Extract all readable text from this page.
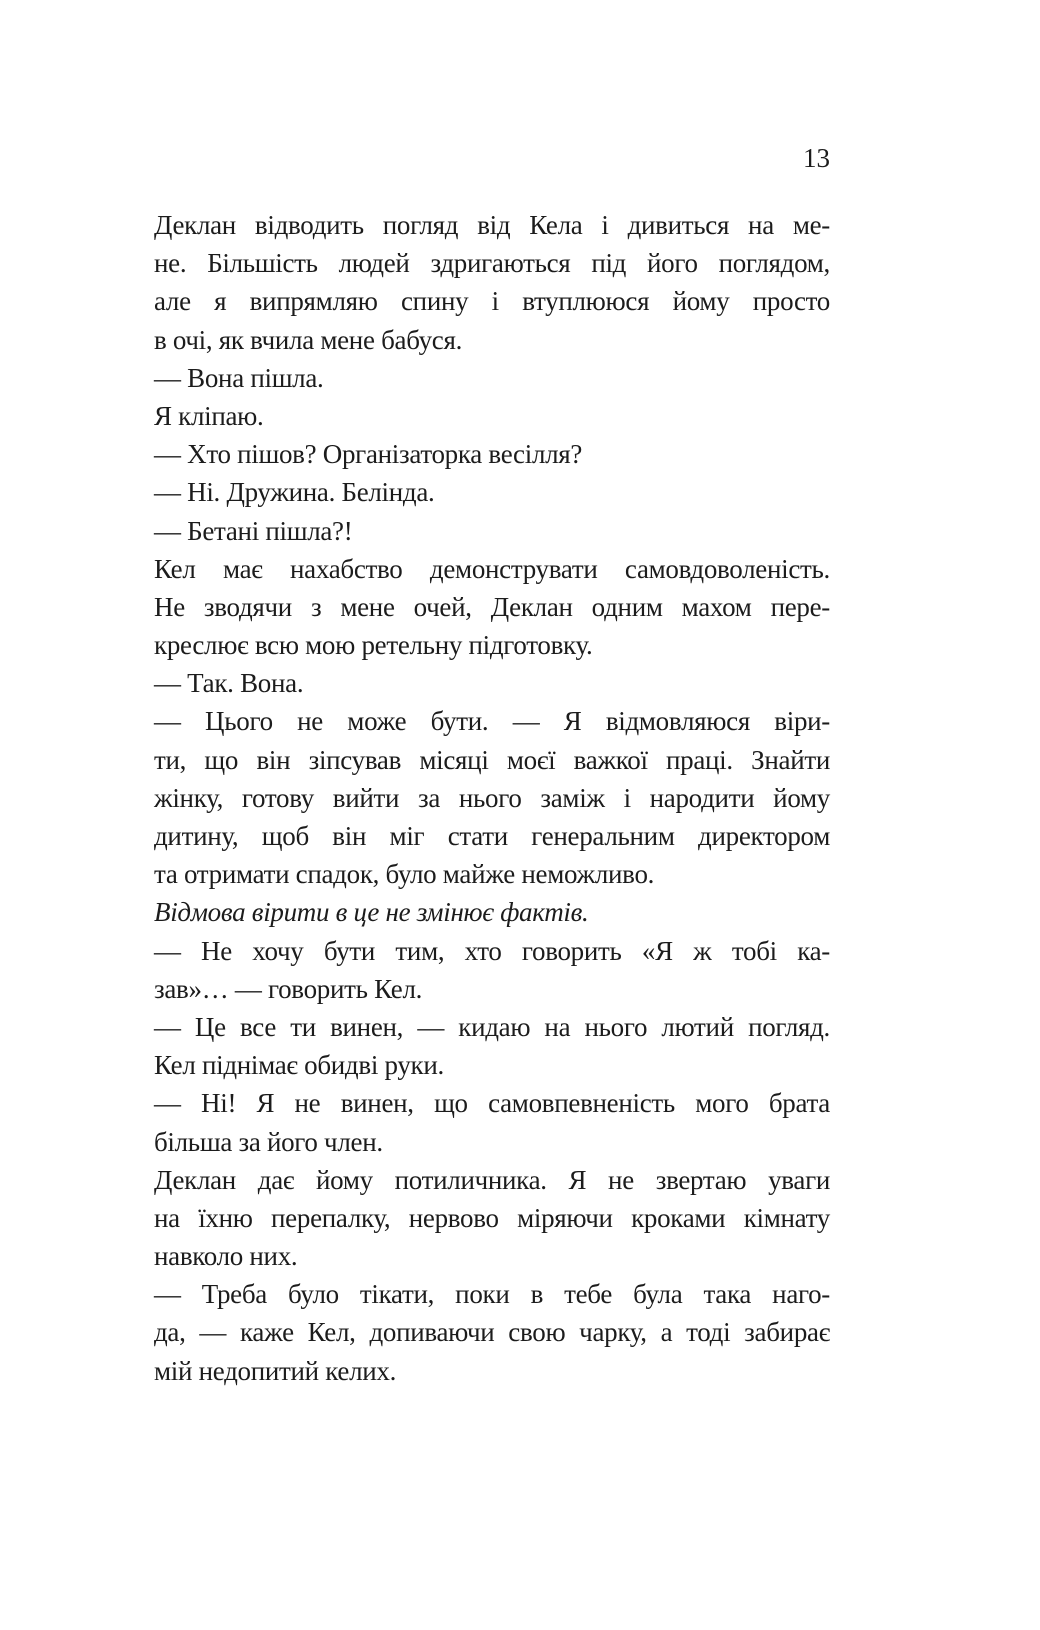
13
Деклан відводить погляд від Кела і дивиться на ме-
не. Більшість людей здригаються під його поглядом,
але я випрямляю спину і втуплююся йому просто
в очі, як вчила мене бабуся.
— Вона пішла.
Я кліпаю.
— Хто пішов? Організаторка весілля?
— Ні. Дружина. Белінда.
— Бетані пішла?!
Кел має нахабство демонструвати самовдоволеність.
Не зводячи з мене очей, Деклан одним махом пере-
креслює всю мою ретельну підготовку.
— Так. Вона.
— Цього не може бути. — Я відмовляюся віри-
ти, що він зіпсував місяці моєї важкої праці. Знайти
жінку, готову вийти за нього заміж і народити йому
дитину, щоб він міг стати генеральним директором
та отримати спадок, було майже неможливо.
Відмова вірити в це не змінює фактів.
— Не хочу бути тим, хто говорить «Я ж тобі ка-
зав»… — говорить Кел.
— Це все ти винен, — кидаю на нього лютий погляд.
Кел піднімає обидві руки.
— Ні! Я не винен, що самовпевненість мого брата
більша за його член.
Деклан дає йому потиличника. Я не звертаю уваги
на їхню перепалку, нервово міряючи кроками кімнату
навколо них.
— Треба було тікати, поки в тебе була така наго-
да, — каже Кел, допиваючи свою чарку, а тоді забирає
мій недопитий келих.
